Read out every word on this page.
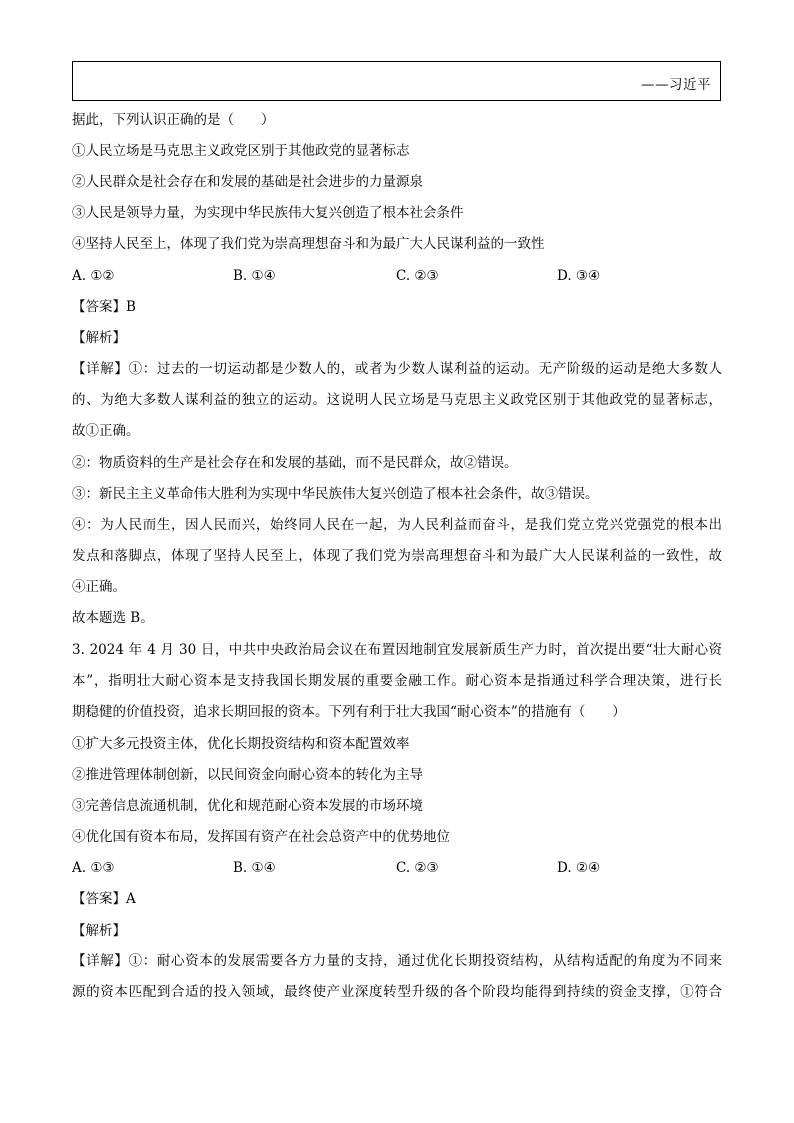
——习近平
据此，下列认识正确的是（　　）
①人民立场是马克思主义政党区别于其他政党的显著标志
②人民群众是社会存在和发展的基础是社会进步的力量源泉
③人民是领导力量，为实现中华民族伟大复兴创造了根本社会条件
④坚持人民至上，体现了我们党为崇高理想奋斗和为最广大人民谋利益的一致性
A. ①②	B. ①④	C. ②③	D. ③④
【答案】B
【解析】
【详解】①：过去的一切运动都是少数人的，或者为少数人谋利益的运动。无产阶级的运动是绝大多数人
的、为绝大多数人谋利益的独立的运动。这说明人民立场是马克思主义政党区别于其他政党的显著标志，
故①正确。
②：物质资料的生产是社会存在和发展的基础，而不是民群众，故②错误。
③：新民主主义革命伟大胜利为实现中华民族伟大复兴创造了根本社会条件，故③错误。
④：为人民而生，因人民而兴，始终同人民在一起，为人民利益而奋斗，是我们党立党兴党强党的根本出
发点和落脚点，体现了坚持人民至上，体现了我们党为崇高理想奋斗和为最广大人民谋利益的一致性，故
④正确。
故本题选 B。
3. 2024 年 4 月 30 日，中共中央政治局会议在布置因地制宜发展新质生产力时，首次提出要“壮大耐心资
本”，指明壮大耐心资本是支持我国长期发展的重要金融工作。耐心资本是指通过科学合理决策，进行长
期稳健的价值投资，追求长期回报的资本。下列有利于壮大我国“耐心资本”的措施有（　　）
①扩大多元投资主体，优化长期投资结构和资本配置效率
②推进管理体制创新，以民间资金向耐心资本的转化为主导
③完善信息流通机制，优化和规范耐心资本发展的市场环境
④优化国有资本布局，发挥国有资产在社会总资产中的优势地位
A. ①③	B. ①④	C. ②③	D. ②④
【答案】A
【解析】
【详解】①：耐心资本的发展需要各方力量的支持，通过优化长期投资结构，从结构适配的角度为不同来
源的资本匹配到合适的投入领域，最终使产业深度转型升级的各个阶段均能得到持续的资金支撑，①符合
